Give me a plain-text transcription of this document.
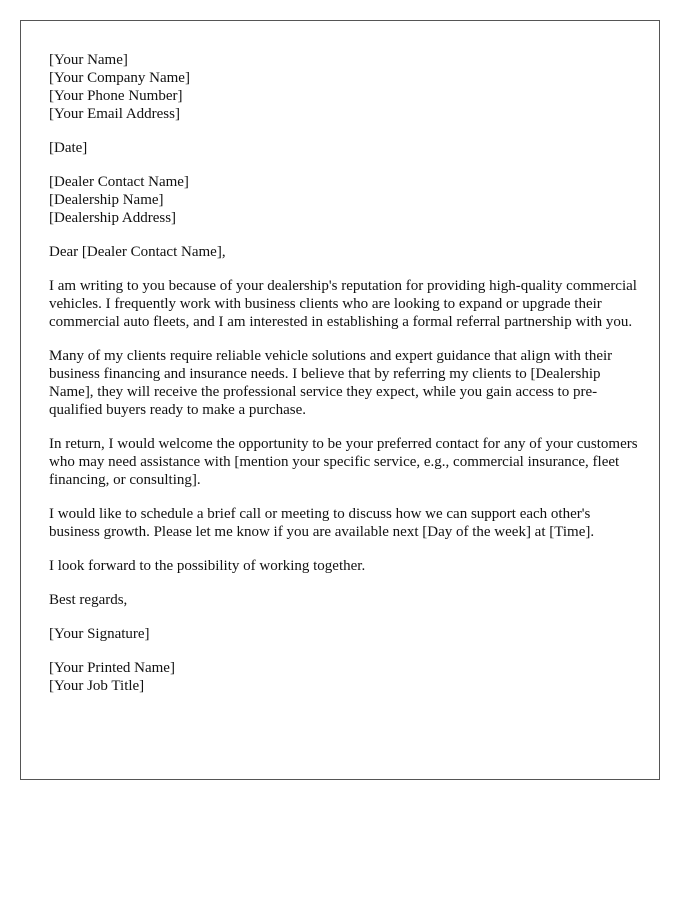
[Your Name]
[Your Company Name]
[Your Phone Number]
[Your Email Address]
[Date]
[Dealer Contact Name]
[Dealership Name]
[Dealership Address]
Dear [Dealer Contact Name],

I am writing to you because of your dealership's reputation for providing high-quality commercial vehicles. I frequently work with business clients who are looking to expand or upgrade their commercial auto fleets, and I am interested in establishing a formal referral partnership with you.

Many of my clients require reliable vehicle solutions and expert guidance that align with their business financing and insurance needs. I believe that by referring my clients to [Dealership Name], they will receive the professional service they expect, while you gain access to pre-qualified buyers ready to make a purchase.

In return, I would welcome the opportunity to be your preferred contact for any of your customers who may need assistance with [mention your specific service, e.g., commercial insurance, fleet financing, or consulting].

I would like to schedule a brief call or meeting to discuss how we can support each other's business growth. Please let me know if you are available next [Day of the week] at [Time].

I look forward to the possibility of working together.

Best regards,
[Your Signature]
[Your Printed Name]
[Your Job Title]
